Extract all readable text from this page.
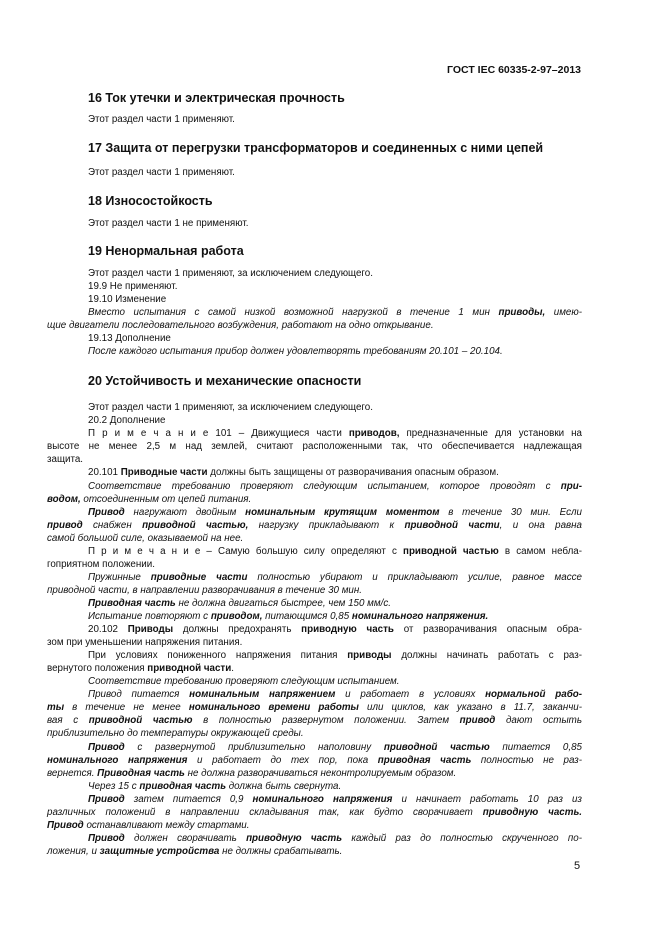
ГОСТ IEC 60335-2-97–2013
16 Ток утечки и электрическая прочность
Этот раздел части 1 применяют.
17 Защита от перегрузки трансформаторов и соединенных с ними цепей
Этот раздел части 1 применяют.
18 Износостойкость
Этот раздел части 1 не применяют.
19 Ненормальная работа
Этот раздел части 1 применяют, за исключением следующего.
19.9 Не применяют.
19.10 Изменение
Вместо испытания с самой низкой возможной нагрузкой в течение 1 мин приводы, имею-
щие двигатели последовательного возбуждения, работают на одно открывание.
19.13 Дополнение
После каждого испытания прибор должен удовлетворять требованиям 20.101 – 20.104.
20 Устойчивость и механические опасности
Этот раздел части 1 применяют, за исключением следующего.
20.2 Дополнение
П р и м е ч а н и е 101 – Движущиеся части приводов, предназначенные для установки на
высоте не менее 2,5 м над землей, считают расположенными так, что обеспечивается надлежащая
защита.
20.101 Приводные части должны быть защищены от разворачивания опасным образом.
Соответствие требованию проверяют следующим испытанием, которое проводят с при-
водом, отсоединенным от цепей питания.
Привод нагружают двойным номинальным крутящим моментом в течение 30 мин. Если
привод снабжен приводной частью, нагрузку прикладывают к приводной части, и она равна
самой большой силе, оказываемой на нее.
П р и м е ч а н и е – Самую большую силу определяют с приводной частью в самом неблa-
гоприятном положении.
Пружинные приводные части полностью убирают и прикладывают усилие, равное массе
приводной части, в направлении разворачивания в течение 30 мин.
Приводная часть не должна двигаться быстрее, чем 150 мм/с.
Испытание повторяют с приводом, питающимся 0,85 номинального напряжения.
20.102 Приводы должны предохранять приводную часть от разворачивания опасным обра-
зом при уменьшении напряжения питания.
При условиях пониженного напряжения питания приводы должны начинать работать с раз-
вернутого положения приводной части.
Соответствие требованию проверяют следующим испытанием.
Привод питается номинальным напряжением и работает в условиях нормальной рабо-
ты в течение не менее номинального времени работы или циклов, как указано в 11.7, заканчи-
вая с приводной частью в полностью развернутом положении. Затем привод дают остыть
приблизительно до температуры окружающей среды.
Привод с развернутой приблизительно наполовину приводной частью питается 0,85
номинального напряжения и работает до тех пор, пока приводная часть полностью не раз-
вернется. Приводная часть не должна разворачиваться неконтролируемым образом.
Через 15 с приводная часть должна быть свернута.
Привод затем питается 0,9 номинального напряжения и начинает работать 10 раз из
различных положений в направлении складывания так, как будто сворачивает приводную часть.
Привод останавливают между стартами.
Привод должен сворачивать приводную часть каждый раз до полностью скрученного по-
ложения, и защитные устройства не должны срабатывать.
5
